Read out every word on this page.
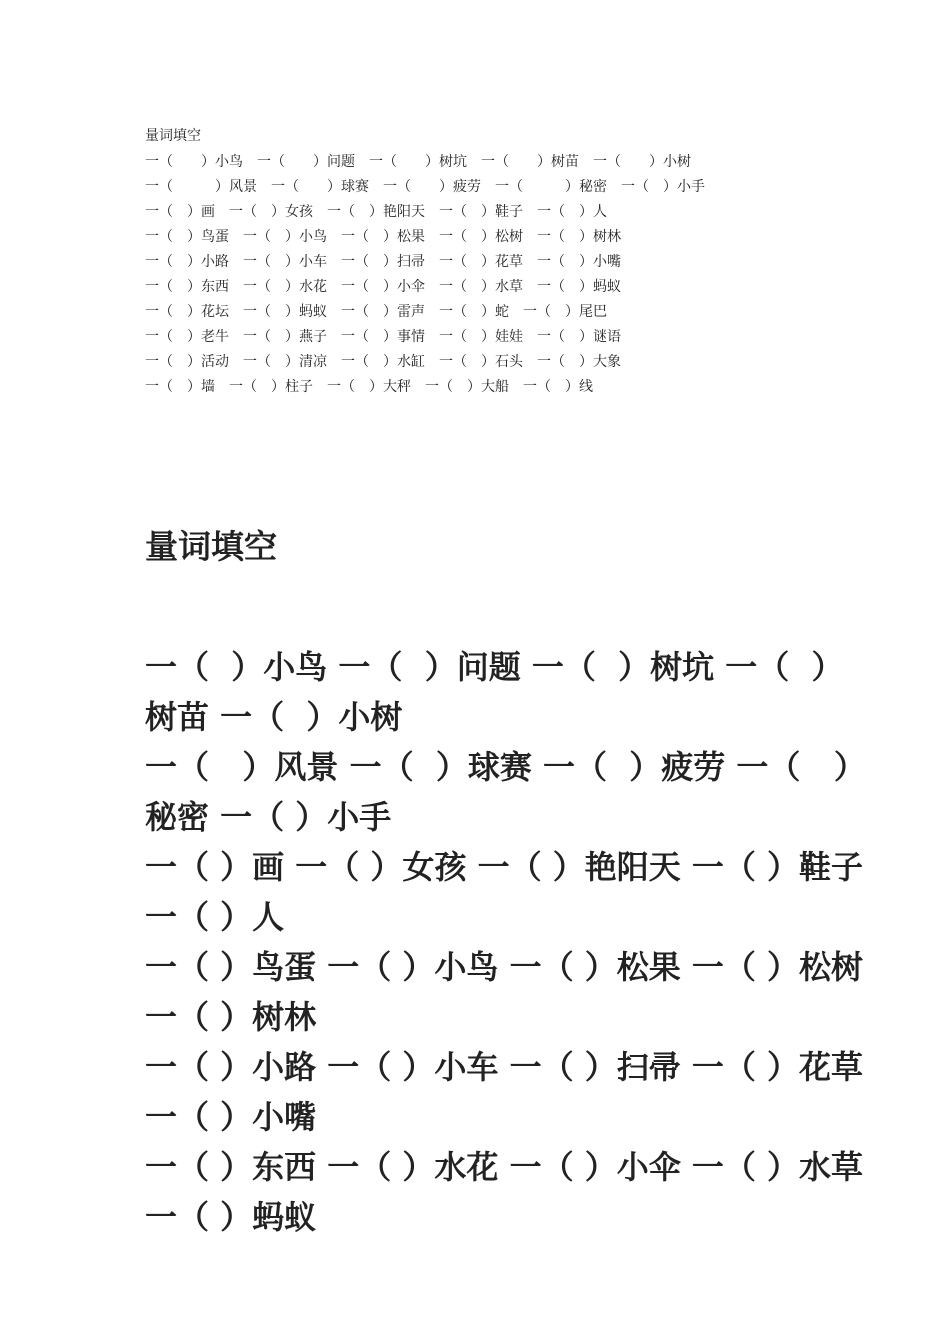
量词填空
一（　　）小鸟　一（　　）问题　一（　　）树坑　一（　　）树苗　一（　　）小树
一（　　　）风景　一（　　）球赛　一（　　）疲劳　一（　　　）秘密　一（　）小手
一（　）画　一（　）女孩　一（　）艳阳天　一（　）鞋子　一（　）人
一（　）鸟蛋　一（　）小鸟　一（　）松果　一（　）松树　一（　）树林
一（　）小路　一（　）小车　一（　）扫帚　一（　）花草　一（　）小嘴
一（　）东西　一（　）水花　一（　）小伞　一（　）水草　一（　）蚂蚁
一（　）花坛　一（　）蚂蚁　一（　）雷声　一（　）蛇　一（　）尾巴
一（　）老牛　一（　）燕子　一（　）事情　一（　）娃娃　一（　）谜语
一（　）活动　一（　）清凉　一（　）水缸　一（　）石头　一（　）大象
一（　）墙　一（　）柱子　一（　）大秤　一（　）大船　一（　）线
量词填空
一（  ）小鸟 一（  ）问题 一（  ）树坑 一（  ）
树苗 一（  ）小树
一（   ）风景 一（  ）球赛 一（  ）疲劳 一（   ）
秘密 一（ ）小手
一（ ）画 一（ ）女孩 一（ ）艳阳天 一（ ）鞋子
一（ ）人
一（ ）鸟蛋 一（ ）小鸟 一（ ）松果 一（ ）松树
一（ ）树林
一（ ）小路 一（ ）小车 一（ ）扫帚 一（ ）花草
一（ ）小嘴
一（ ）东西 一（ ）水花 一（ ）小伞 一（ ）水草
一（ ）蚂蚁
